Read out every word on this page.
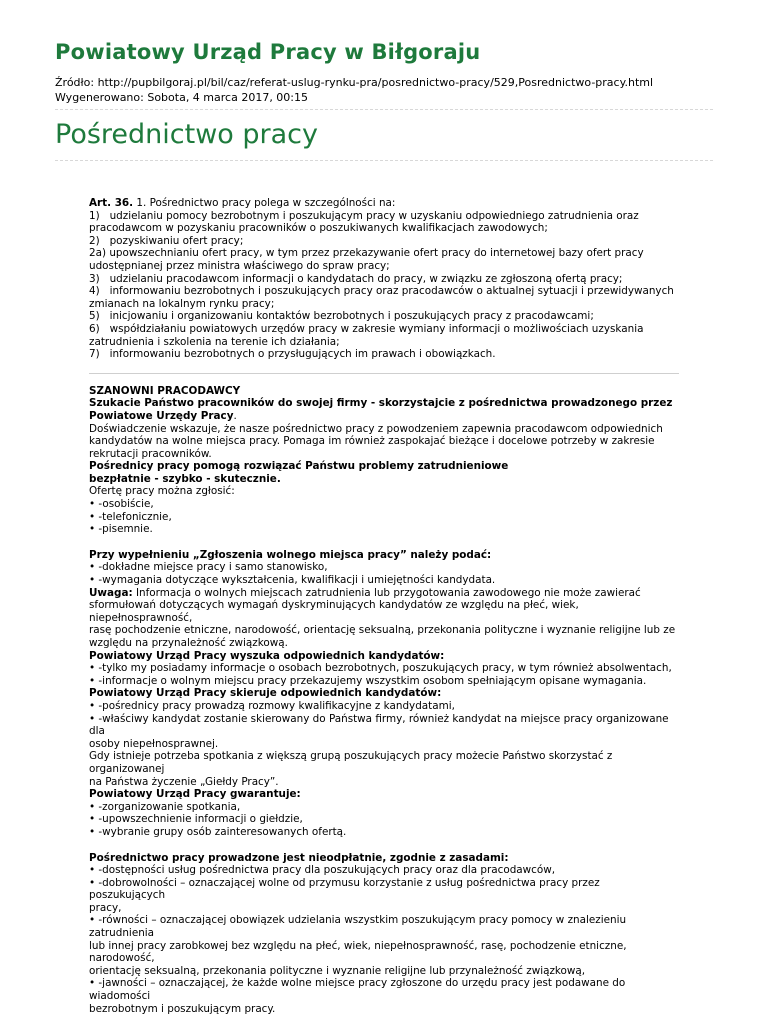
Powiatowy Urząd Pracy w Biłgoraju
Źródło: http://pupbilgoraj.pl/bil/caz/referat-uslug-rynku-pra/posrednictwo-pracy/529,Posrednictwo-pracy.html
Wygenerowano: Sobota, 4 marca 2017, 00:15
Pośrednictwo pracy

Art. 36. 1. Pośrednictwo pracy polega w szczególności na:

1)   udzielaniu pomocy bezrobotnym i poszukującym pracy w uzyskaniu odpowiedniego zatrudnienia oraz

pracodawcom w pozyskaniu pracowników o poszukiwanych kwalifikacjach zawodowych;

2)   pozyskiwaniu ofert pracy;

2a) upowszechnianiu ofert pracy, w tym przez przekazywanie ofert pracy do internetowej bazy ofert pracy

udostępnianej przez ministra właściwego do spraw pracy;

3)   udzielaniu pracodawcom informacji o kandydatach do pracy, w związku ze zgłoszoną ofertą pracy;

4)   informowaniu bezrobotnych i poszukujących pracy oraz pracodawców o aktualnej sytuacji i przewidywanych

zmianach na lokalnym rynku pracy;

5)   inicjowaniu i organizowaniu kontaktów bezrobotnych i poszukujących pracy z pracodawcami;

6)   współdziałaniu powiatowych urzędów pracy w zakresie wymiany informacji o możliwościach uzyskania

zatrudnienia i szkolenia na terenie ich działania;

7)   informowaniu bezrobotnych o przysługujących im prawach i obowiązkach.

SZANOWNI PRACODAWCY

Szukacie Państwo pracowników do swojej firmy - skorzystajcie z pośrednictwa prowadzonego przez

Powiatowe Urzędy Pracy.

Doświadczenie wskazuje, że nasze pośrednictwo pracy z powodzeniem zapewnia pracodawcom odpowiednich

kandydatów na wolne miejsca pracy. Pomaga im również zaspokajać bieżące i docelowe potrzeby w zakresie

rekrutacji pracowników.

Pośrednicy pracy pomogą rozwiązać Państwu problemy zatrudnieniowe

bezpłatnie - szybko - skutecznie.

Ofertę pracy można zgłosić:

• -osobiście,

• -telefonicznie,

• -pisemnie.

Przy wypełnieniu „Zgłoszenia wolnego miejsca pracy” należy podać:

• -dokładne miejsce pracy i samo stanowisko,

• -wymagania dotyczące wykształcenia, kwalifikacji i umiejętności kandydata.

Uwaga: Informacja o wolnych miejscach zatrudnienia lub przygotowania zawodowego nie może zawierać

sformułowań dotyczących wymagań dyskryminujących kandydatów ze względu na płeć, wiek, niepełnosprawność,

rasę pochodzenie etniczne, narodowość, orientację seksualną, przekonania polityczne i wyznanie religijne lub ze

względu na przynależność związkową.

Powiatowy Urząd Pracy wyszuka odpowiednich kandydatów:

• -tylko my posiadamy informacje o osobach bezrobotnych, poszukujących pracy, w tym również absolwentach,

• -informacje o wolnym miejscu pracy przekazujemy wszystkim osobom spełniającym opisane wymagania.

Powiatowy Urząd Pracy skieruje odpowiednich kandydatów:

• -pośrednicy pracy prowadzą rozmowy kwalifikacyjne z kandydatami,

• -właściwy kandydat zostanie skierowany do Państwa firmy, również kandydat na miejsce pracy organizowane dla

osoby niepełnosprawnej.

Gdy istnieje potrzeba spotkania z większą grupą poszukujących pracy możecie Państwo skorzystać z organizowanej

na Państwa życzenie „Giełdy Pracy”.

Powiatowy Urząd Pracy gwarantuje:

• -zorganizowanie spotkania,

• -upowszechnienie informacji o giełdzie,

• -wybranie grupy osób zainteresowanych ofertą.

Pośrednictwo pracy prowadzone jest nieodpłatnie, zgodnie z zasadami:

• -dostępności usług pośrednictwa pracy dla poszukujących pracy oraz dla pracodawców,

• -dobrowolności – oznaczającej wolne od przymusu korzystanie z usług pośrednictwa pracy przez poszukujących

pracy,

• -równości – oznaczającej obowiązek udzielania wszystkim poszukującym pracy pomocy w znalezieniu zatrudnienia

lub innej pracy zarobkowej bez względu na płeć, wiek, niepełnosprawność, rasę, pochodzenie etniczne, narodowość,

orientację seksualną, przekonania polityczne i wyznanie religijne lub przynależność związkową,

• -jawności – oznaczającej, że każde wolne miejsce pracy zgłoszone do urzędu pracy jest podawane do wiadomości

bezrobotnym i poszukującym pracy.
